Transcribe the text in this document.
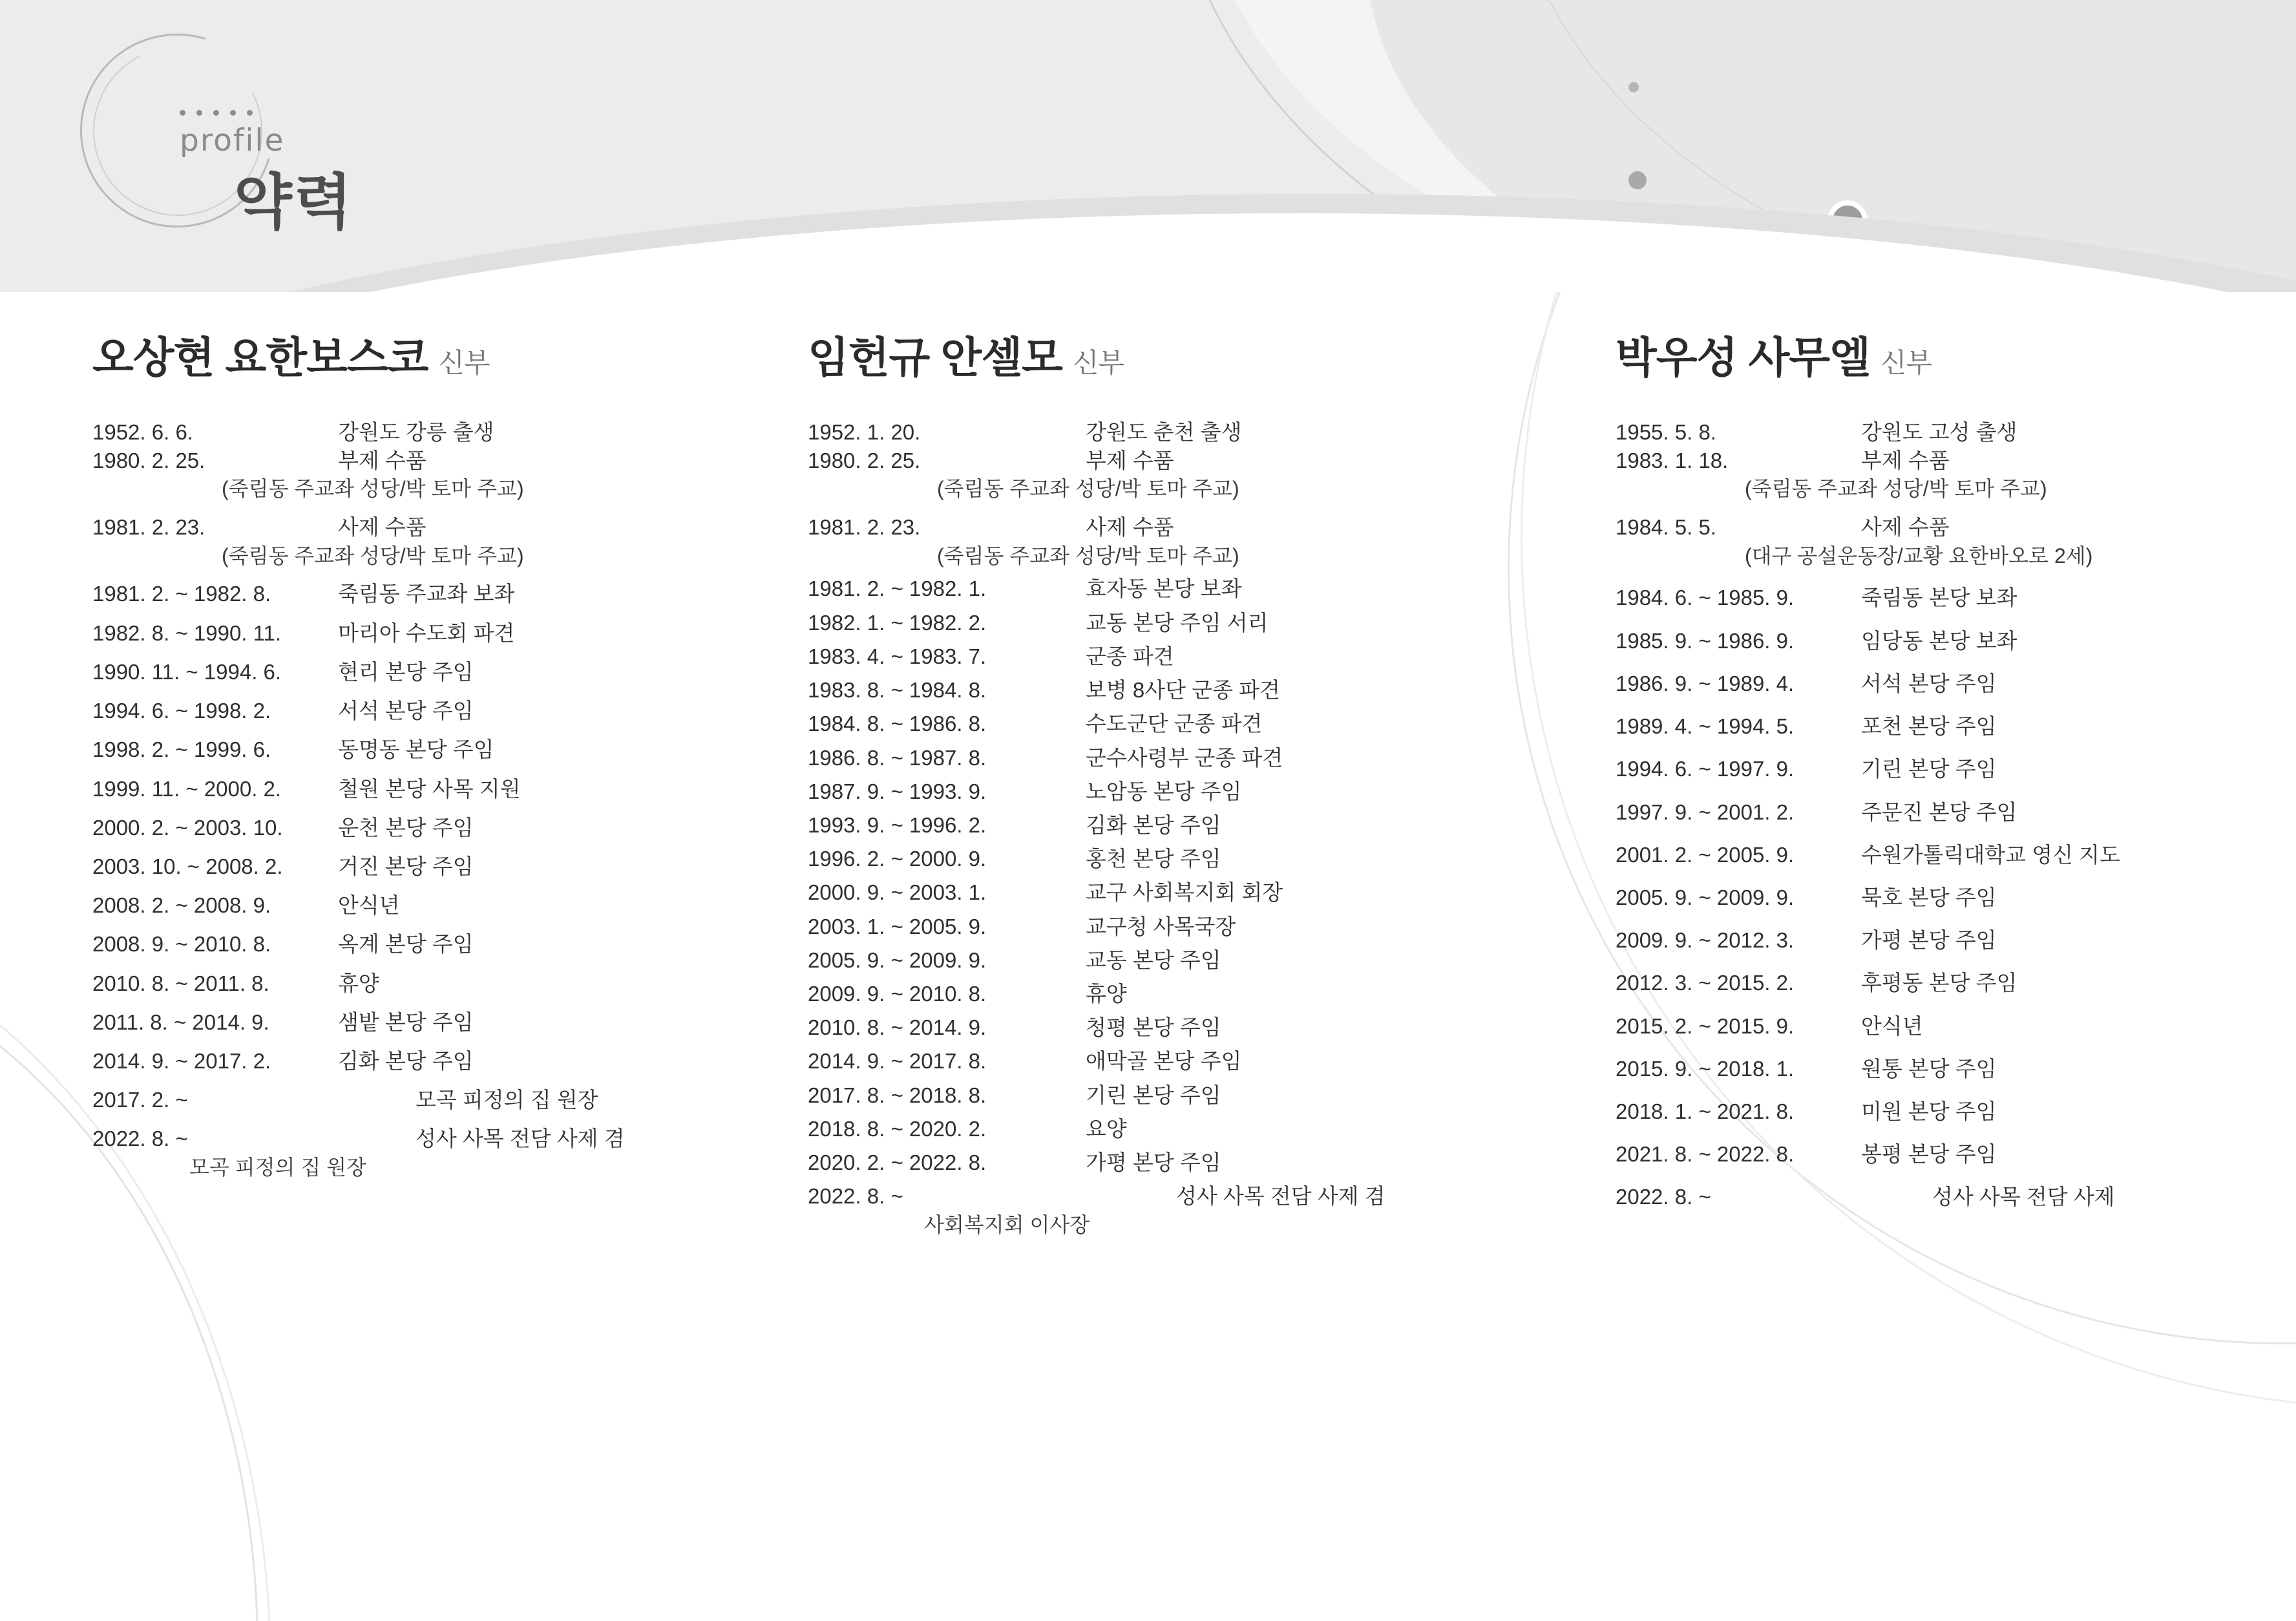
profile
약력
오상현 요한보스코 신부
1952. 6. 6.	강원도 강릉 출생
1980. 2. 25.	부제 수품
(죽림동 주교좌 성당/박 토마 주교)
1981. 2. 23.	사제 수품
(죽림동 주교좌 성당/박 토마 주교)
1981. 2. ~ 1982. 8.	죽림동 주교좌 보좌
1982. 8. ~ 1990. 11.	마리아 수도회 파견
1990. 11. ~ 1994. 6.	현리 본당 주임
1994. 6. ~ 1998. 2.	서석 본당 주임
1998. 2. ~ 1999. 6.	동명동 본당 주임
1999. 11. ~ 2000. 2.	철원 본당 사목 지원
2000. 2. ~ 2003. 10.	운천 본당 주임
2003. 10. ~ 2008. 2.	거진 본당 주임
2008. 2. ~ 2008. 9.	안식년
2008. 9. ~ 2010. 8.	옥계 본당 주임
2010. 8. ~ 2011. 8.	휴양
2011. 8. ~ 2014. 9.	샘밭 본당 주임
2014. 9. ~ 2017. 2.	김화 본당 주임
2017. 2. ~	모곡 피정의 집 원장
2022. 8. ~	성사 사목 전담 사제 겸
모곡 피정의 집 원장
임헌규 안셀모 신부
1952. 1. 20.	강원도 춘천 출생
1980. 2. 25.	부제 수품
(죽림동 주교좌 성당/박 토마 주교)
1981. 2. 23.	사제 수품
(죽림동 주교좌 성당/박 토마 주교)
1981. 2. ~ 1982. 1.	효자동 본당 보좌
1982. 1. ~ 1982. 2.	교동 본당 주임 서리
1983. 4. ~ 1983. 7.	군종 파견
1983. 8. ~ 1984. 8.	보병 8사단 군종 파견
1984. 8. ~ 1986. 8.	수도군단 군종 파견
1986. 8. ~ 1987. 8.	군수사령부 군종 파견
1987. 9. ~ 1993. 9.	노암동 본당 주임
1993. 9. ~ 1996. 2.	김화 본당 주임
1996. 2. ~ 2000. 9.	홍천 본당 주임
2000. 9. ~ 2003. 1.	교구 사회복지회 회장
2003. 1. ~ 2005. 9.	교구청 사목국장
2005. 9. ~ 2009. 9.	교동 본당 주임
2009. 9. ~ 2010. 8.	휴양
2010. 8. ~ 2014. 9.	청평 본당 주임
2014. 9. ~ 2017. 8.	애막골 본당 주임
2017. 8. ~ 2018. 8.	기린 본당 주임
2018. 8. ~ 2020. 2.	요양
2020. 2. ~ 2022. 8.	가평 본당 주임
2022. 8. ~	성사 사목 전담 사제 겸
사회복지회 이사장
박우성 사무엘 신부
1955. 5. 8.	강원도 고성 출생
1983. 1. 18.	부제 수품
(죽림동 주교좌 성당/박 토마 주교)
1984. 5. 5.	사제 수품
(대구 공설운동장/교황 요한바오로 2세)
1984. 6. ~ 1985. 9.	죽림동 본당 보좌
1985. 9. ~ 1986. 9.	임당동 본당 보좌
1986. 9. ~ 1989. 4.	서석 본당 주임
1989. 4. ~ 1994. 5.	포천 본당 주임
1994. 6. ~ 1997. 9.	기린 본당 주임
1997. 9. ~ 2001. 2.	주문진 본당 주임
2001. 2. ~ 2005. 9.	수원가톨릭대학교 영신 지도
2005. 9. ~ 2009. 9.	묵호 본당 주임
2009. 9. ~ 2012. 3.	가평 본당 주임
2012. 3. ~ 2015. 2.	후평동 본당 주임
2015. 2. ~ 2015. 9.	안식년
2015. 9. ~ 2018. 1.	원통 본당 주임
2018. 1. ~ 2021. 8.	미원 본당 주임
2021. 8. ~ 2022. 8.	봉평 본당 주임
2022. 8. ~	성사 사목 전담 사제
